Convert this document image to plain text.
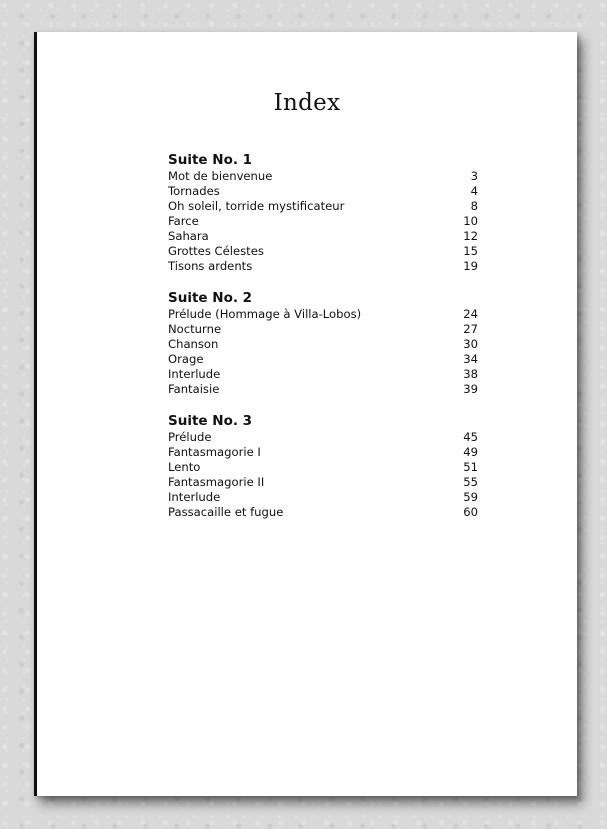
Index
Suite No. 1
Mot de bienvenue	3
Tornades	4
Oh soleil, torride mystificateur	8
Farce	10
Sahara	12
Grottes Célestes	15
Tisons ardents	19
Suite No. 2
Prélude (Hommage à Villa-Lobos)	24
Nocturne	27
Chanson	30
Orage	34
Interlude	38
Fantaisie	39
Suite No. 3
Prélude	45
Fantasmagorie I	49
Lento	51
Fantasmagorie II	55
Interlude	59
Passacaille et fugue	60
